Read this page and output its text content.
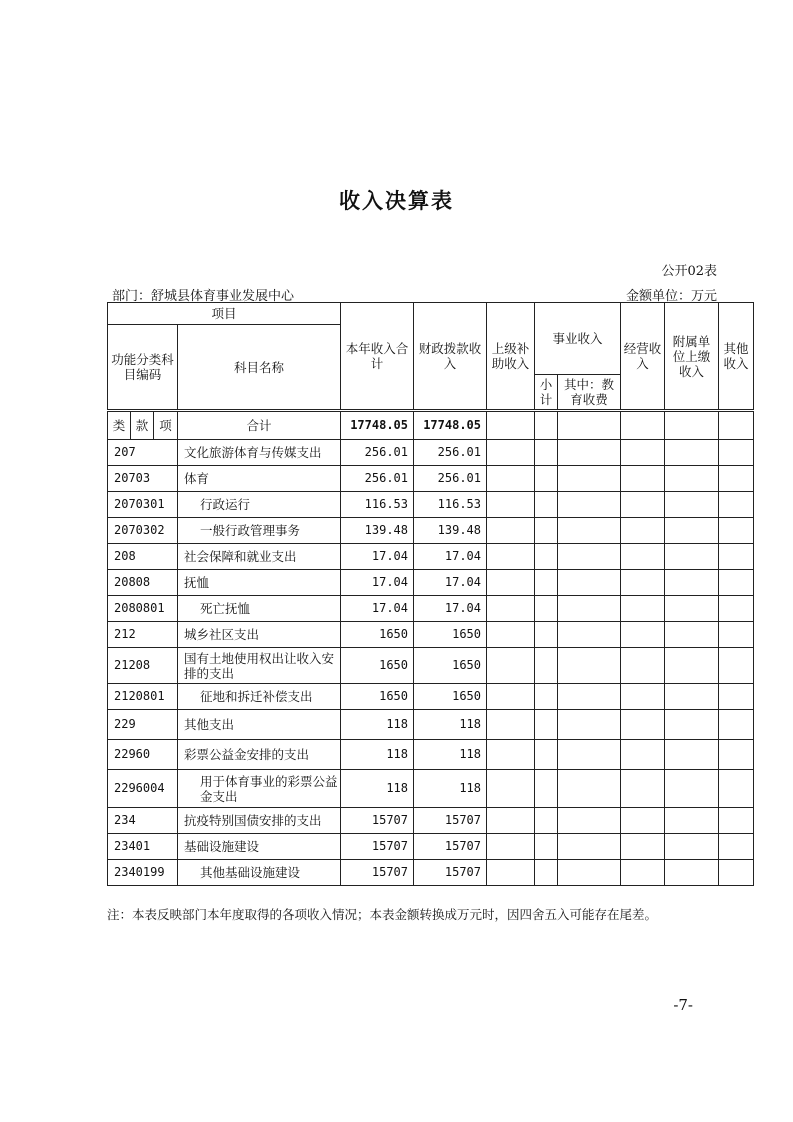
收入决算表
公开02表
部门：舒城县体育事业发展中心	金额单位：万元
项目				本年收入合计	财政拨款收入	上级补助收入	事业收入		经营收入	附属单位上缴收入	其他收入
功能分类科目编码			科目名称								
							小计	其中：教育收费			
类	款	项	合计	17748.05	17748.05						
207			文化旅游体育与传媒支出	256.01	256.01						
20703			体育	256.01	256.01						
2070301			行政运行	116.53	116.53						
2070302			一般行政管理事务	139.48	139.48						
208			社会保障和就业支出	17.04	17.04						
20808			抚恤	17.04	17.04						
2080801			死亡抚恤	17.04	17.04						
212			城乡社区支出	1650	1650						
21208			国有土地使用权出让收入安排的支出	1650	1650						
2120801			征地和拆迁补偿支出	1650	1650						
229			其他支出	118	118						
22960			彩票公益金安排的支出	118	118						
2296004			用于体育事业的彩票公益金支出	118	118						
234			抗疫特别国债安排的支出	15707	15707						
23401			基础设施建设	15707	15707						
2340199			其他基础设施建设	15707	15707						
注：本表反映部门本年度取得的各项收入情况；本表金额转换成万元时，因四舍五入可能存在尾差。
-7-
